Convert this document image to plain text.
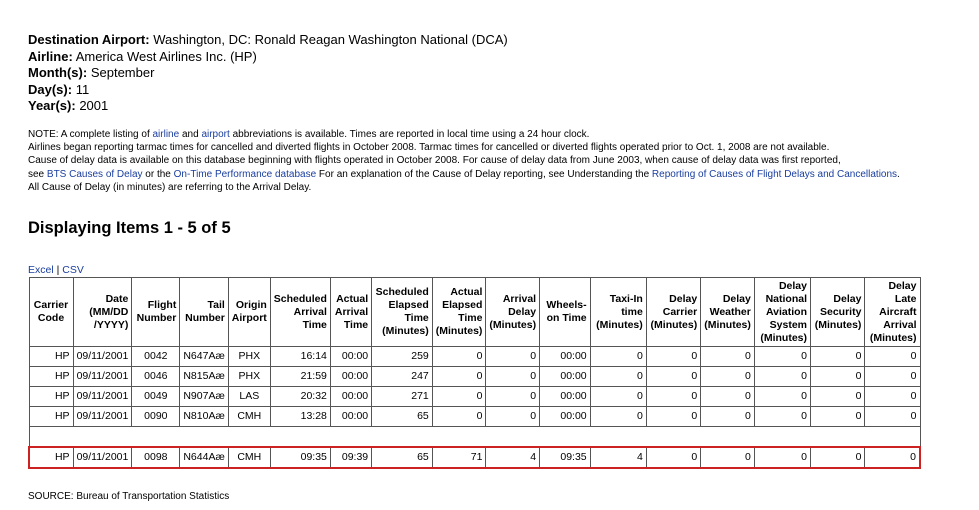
Destination Airport: Washington, DC: Ronald Reagan Washington National (DCA)
Airline: America West Airlines Inc. (HP)
Month(s): September
Day(s): 11
Year(s): 2001
NOTE: A complete listing of airline and airport abbreviations is available. Times are reported in local time using a 24 hour clock.
Airlines began reporting tarmac times for cancelled and diverted flights in October 2008. Tarmac times for cancelled or diverted flights operated prior to Oct. 1, 2008 are not available.
Cause of delay data is available on this database beginning with flights operated in October 2008. For cause of delay data from June 2003, when cause of delay data was first reported,
see BTS Causes of Delay or the On-Time Performance database For an explanation of the Cause of Delay reporting, see Understanding the Reporting of Causes of Flight Delays and Cancellations.
All Cause of Delay (in minutes) are referring to the Arrival Delay.
Displaying Items 1 - 5 of 5
Excel | CSV
Carrier Code	Date (MM/DD /YYYY)	Flight Number	Tail Number	Origin Airport	Scheduled Arrival Time	Actual Arrival Time	Scheduled Elapsed Time (Minutes)	Actual Elapsed Time (Minutes)	Arrival Delay (Minutes)	Wheels-on Time	Taxi-In time (Minutes)	Delay Carrier (Minutes)	Delay Weather (Minutes)	Delay National Aviation System (Minutes)	Delay Security (Minutes)	Delay Late Aircraft Arrival (Minutes)
HP	09/11/2001	0042	N647Aæ	PHX	16:14	00:00	259	0	0	00:00	0	0	0	0	0	0
HP	09/11/2001	0046	N815Aæ	PHX	21:59	00:00	247	0	0	00:00	0	0	0	0	0	0
HP	09/11/2001	0049	N907Aæ	LAS	20:32	00:00	271	0	0	00:00	0	0	0	0	0	0
HP	09/11/2001	0090	N810Aæ	CMH	13:28	00:00	65	0	0	00:00	0	0	0	0	0	0

HP	09/11/2001	0098	N644Aæ	CMH	09:35	09:39	65	71	4	09:35	4	0	0	0	0	0
SOURCE: Bureau of Transportation Statistics
